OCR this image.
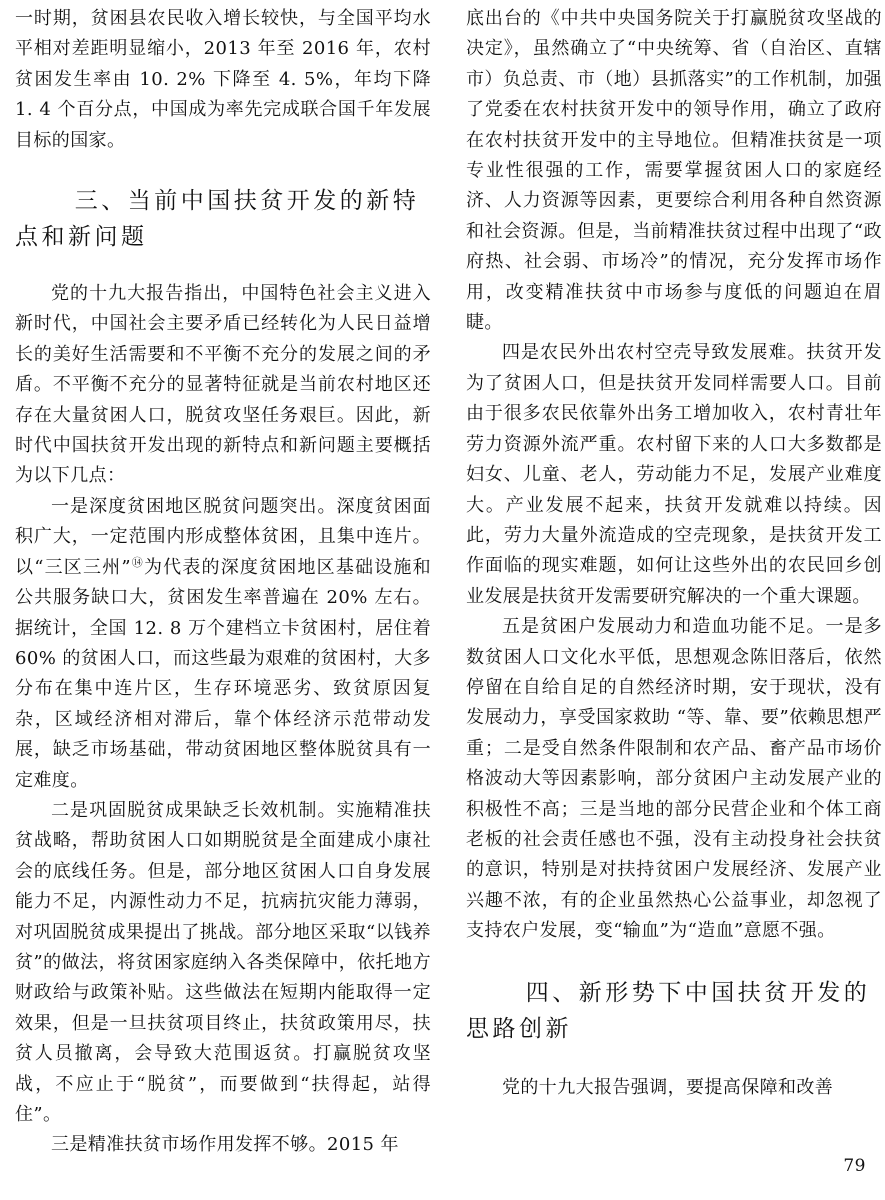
一时期，贫困县农民收入增长较快，与全国平均水平相对差距明显缩小，2013 年至 2016 年，农村贫困发生率由 10. 2% 下降至 4. 5%，年均下降 1. 4 个百分点，中国成为率先完成联合国千年发展目标的国家。

三、当前中国扶贫开发的新特点和新问题

党的十九大报告指出，中国特色社会主义进入新时代，中国社会主要矛盾已经转化为人民日益增长的美好生活需要和不平衡不充分的发展之间的矛盾。不平衡不充分的显著特征就是当前农村地区还存在大量贫困人口，脱贫攻坚任务艰巨。因此，新时代中国扶贫开发出现的新特点和新问题主要概括为以下几点：

一是深度贫困地区脱贫问题突出。深度贫困面积广大，一定范围内形成整体贫困，且集中连片。以“三区三州”⑭为代表的深度贫困地区基础设施和公共服务缺口大，贫困发生率普遍在 20% 左右。据统计，全国 12. 8 万个建档立卡贫困村，居住着 60% 的贫困人口，而这些最为艰难的贫困村，大多分布在集中连片区，生存环境恶劣、致贫原因复杂，区域经济相对滞后，靠个体经济示范带动发展，缺乏市场基础，带动贫困地区整体脱贫具有一定难度。

二是巩固脱贫成果缺乏长效机制。实施精准扶贫战略，帮助贫困人口如期脱贫是全面建成小康社会的底线任务。但是，部分地区贫困人口自身发展能力不足，内源性动力不足，抗病抗灾能力薄弱，对巩固脱贫成果提出了挑战。部分地区采取“以钱养贫”的做法，将贫困家庭纳入各类保障中，依托地方财政给与政策补贴。这些做法在短期内能取得一定效果，但是一旦扶贫项目终止，扶贫政策用尽，扶贫人员撤离，会导致大范围返贫。打赢脱贫攻坚战，不应止于“脱贫”，而要做到“扶得起，站得住”。

三是精准扶贫市场作用发挥不够。2015 年

底出台的《中共中央国务院关于打赢脱贫攻坚战的决定》，虽然确立了“中央统筹、省（自治区、直辖市）负总责、市（地）县抓落实”的工作机制，加强了党委在农村扶贫开发中的领导作用，确立了政府在农村扶贫开发中的主导地位。但精准扶贫是一项专业性很强的工作，需要掌握贫困人口的家庭经济、人力资源等因素，更要综合利用各种自然资源和社会资源。但是，当前精准扶贫过程中出现了“政府热、社会弱、市场冷”的情况，充分发挥市场作用，改变精准扶贫中市场参与度低的问题迫在眉睫。

四是农民外出农村空壳导致发展难。扶贫开发为了贫困人口，但是扶贫开发同样需要人口。目前由于很多农民依靠外出务工增加收入，农村青壮年劳力资源外流严重。农村留下来的人口大多数都是妇女、儿童、老人，劳动能力不足，发展产业难度大。产业发展不起来，扶贫开发就难以持续。因此，劳力大量外流造成的空壳现象，是扶贫开发工作面临的现实难题，如何让这些外出的农民回乡创业发展是扶贫开发需要研究解决的一个重大课题。

五是贫困户发展动力和造血功能不足。一是多数贫困人口文化水平低，思想观念陈旧落后，依然停留在自给自足的自然经济时期，安于现状，没有发展动力，享受国家救助 “等、靠、要”依赖思想严重；二是受自然条件限制和农产品、畜产品市场价格波动大等因素影响，部分贫困户主动发展产业的积极性不高；三是当地的部分民营企业和个体工商老板的社会责任感也不强，没有主动投身社会扶贫的意识，特别是对扶持贫困户发展经济、发展产业兴趣不浓，有的企业虽然热心公益事业，却忽视了支持农户发展，变“输血”为“造血”意愿不强。

四、新形势下中国扶贫开发的思路创新

党的十九大报告强调，要提高保障和改善

79
